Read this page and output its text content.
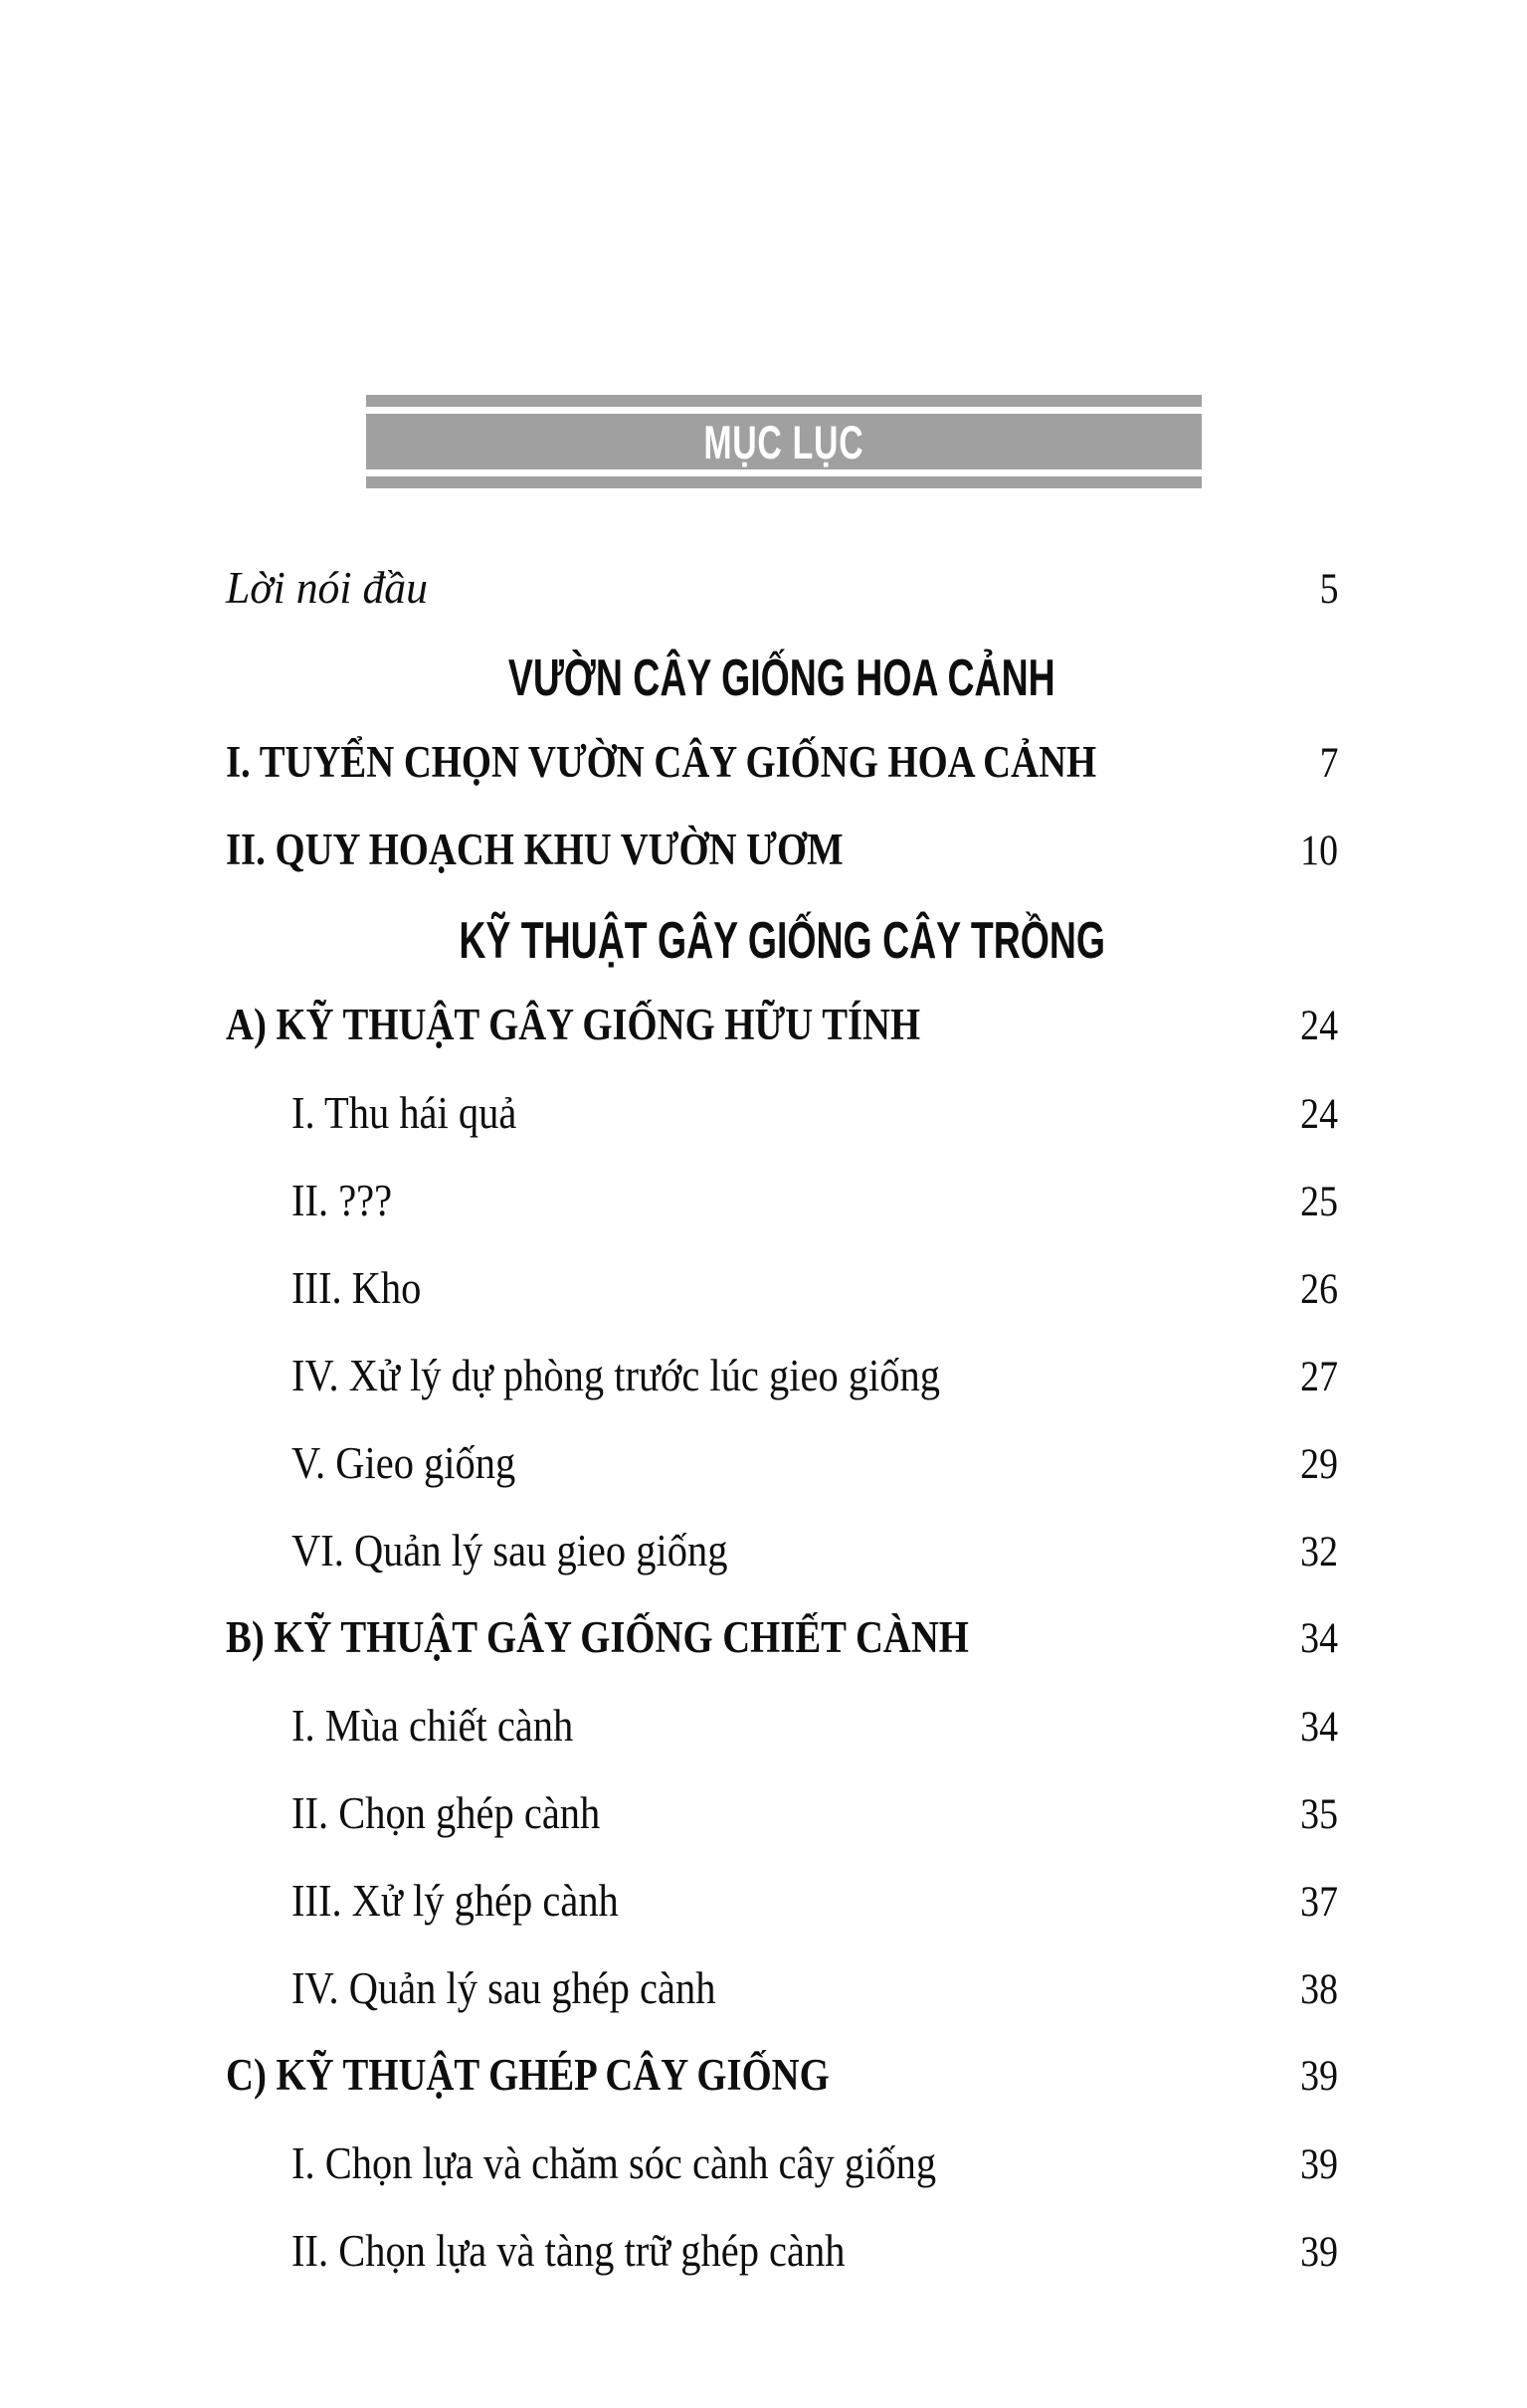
MỤC LỤC
Lời nói đầu	5
VƯỜN CÂY GIỐNG HOA CẢNH
I. TUYỂN CHỌN VƯỜN CÂY GIỐNG HOA CẢNH	7
II. QUY HOẠCH KHU VƯỜN ƯƠM	10
KỸ THUẬT GÂY GIỐNG CÂY TRỒNG
A) KỸ THUẬT GÂY GIỐNG HỮU TÍNH	24
I. Thu hái quả	24
II. ???	25
III. Kho	26
IV. Xử lý dự phòng trước lúc gieo giống	27
V. Gieo giống	29
VI. Quản lý sau gieo giống	32
B) KỸ THUẬT GÂY GIỐNG CHIẾT CÀNH	34
I. Mùa chiết cành	34
II. Chọn ghép cành	35
III. Xử lý ghép cành	37
IV. Quản lý sau ghép cành	38
C) KỸ THUẬT GHÉP CÂY GIỐNG	39
I. Chọn lựa và chăm sóc cành cây giống	39
II. Chọn lựa và tàng trữ ghép cành	39
